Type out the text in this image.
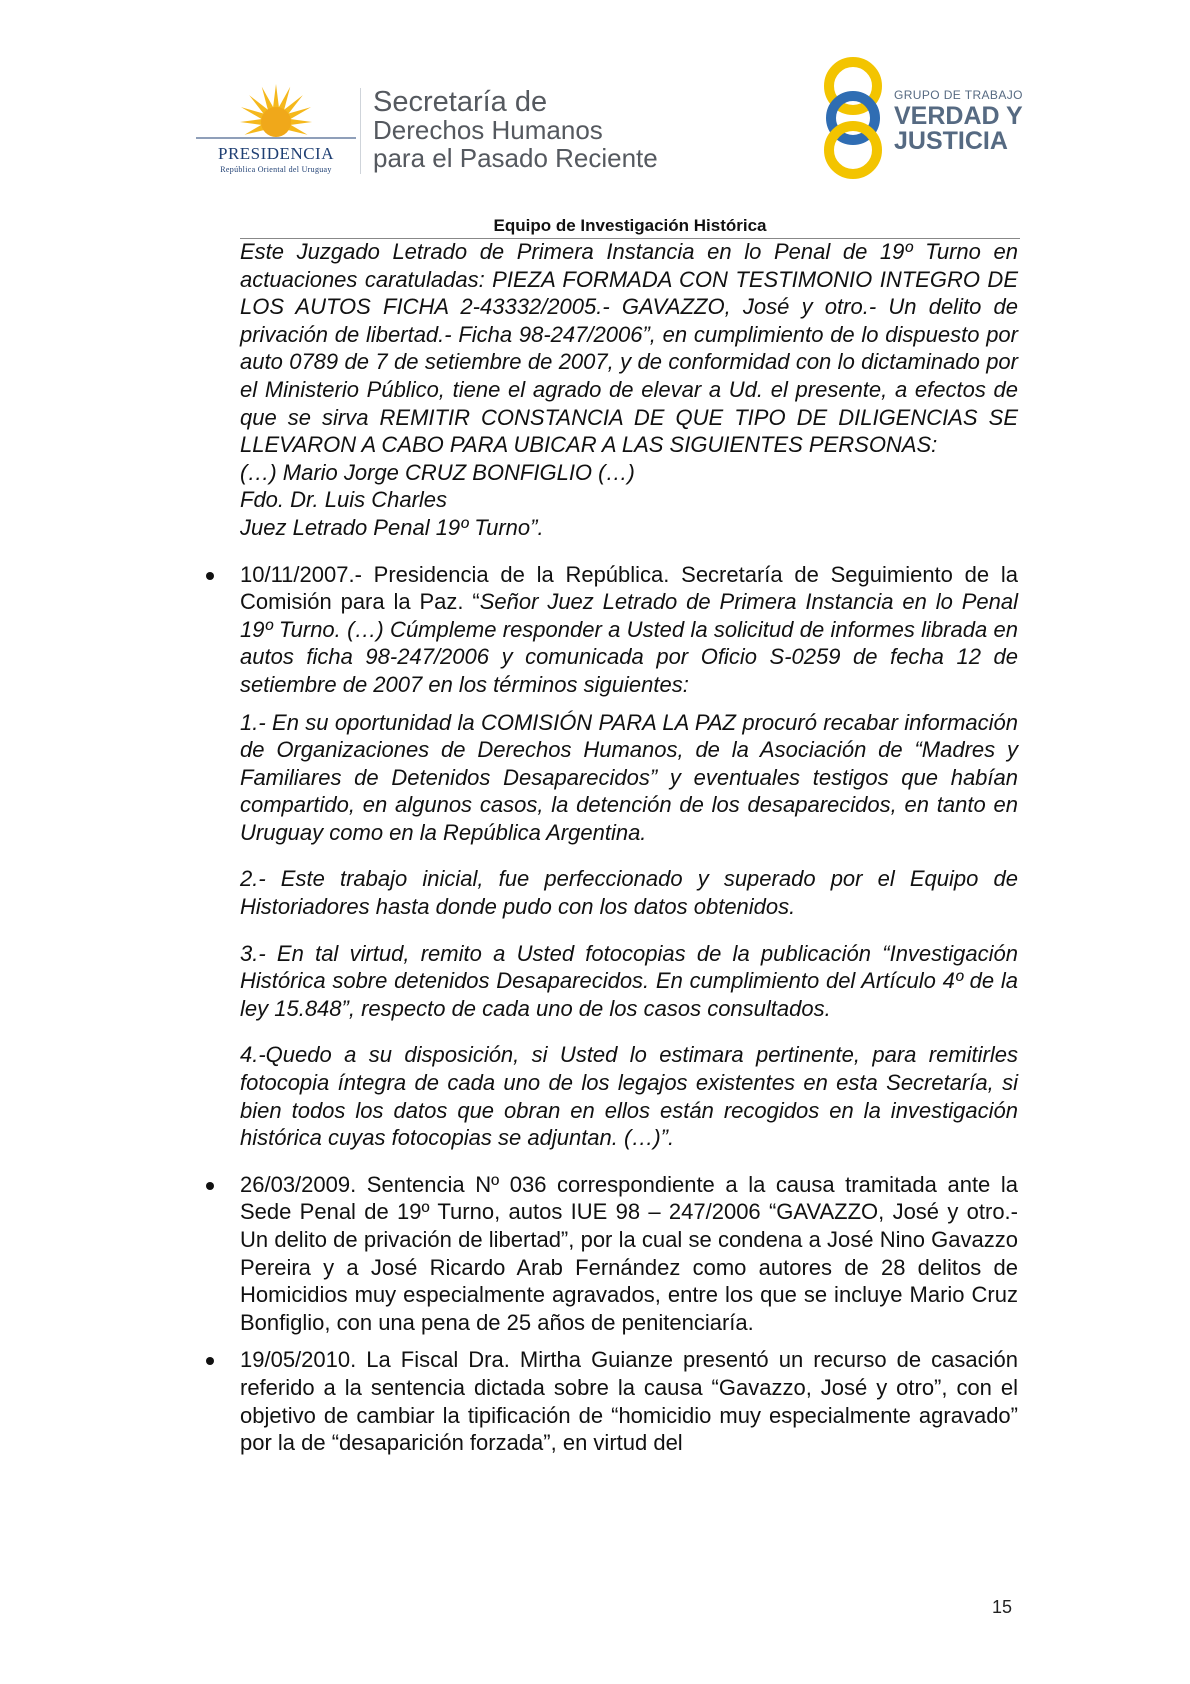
PRESIDENCIA
República Oriental del Uruguay
Secretaría de
Derechos Humanos
para el Pasado Reciente
GRUPO DE TRABAJO
VERDAD Y
JUSTICIA
Equipo de Investigación Histórica

Este Juzgado Letrado de Primera Instancia en lo Penal de 19º Turno en actuaciones caratuladas: PIEZA FORMADA CON TESTIMONIO INTEGRO DE LOS AUTOS FICHA 2-43332/2005.- GAVAZZO, José y otro.- Un delito de privación de libertad.- Ficha 98-247/2006”, en cumplimiento de lo dispuesto por auto 0789 de 7 de setiembre de 2007, y de conformidad con lo dictaminado por el Ministerio Público, tiene el agrado de elevar a Ud. el presente, a efectos de que se sirva REMITIR CONSTANCIA DE QUE TIPO DE DILIGENCIAS SE LLEVARON A CABO PARA UBICAR A LAS SIGUIENTES PERSONAS:

(…) Mario Jorge CRUZ BONFIGLIO (…)

Fdo. Dr. Luis Charles

Juez Letrado Penal 19º Turno”.

10/11/2007.- Presidencia de la República. Secretaría de Seguimiento de la Comisión para la Paz. “Señor Juez Letrado de Primera Instancia en lo Penal 19º Turno. (…) Cúmpleme responder a Usted la solicitud de informes librada en autos ficha 98-247/2006 y comunicada por Oficio S-0259 de fecha 12 de setiembre de 2007 en los términos siguientes:

1.- En su oportunidad la COMISIÓN PARA LA PAZ procuró recabar información de Organizaciones de Derechos Humanos, de la Asociación de “Madres y Familiares de Detenidos Desaparecidos” y eventuales testigos que habían compartido, en algunos casos, la detención de los desaparecidos, en tanto en Uruguay como en la República Argentina.

2.- Este trabajo inicial, fue perfeccionado y superado por el Equipo de Historiadores hasta donde pudo con los datos obtenidos.

3.- En tal virtud, remito a Usted fotocopias de la publicación “Investigación Histórica sobre detenidos Desaparecidos. En cumplimiento del Artículo 4º de la ley 15.848”, respecto de cada uno de los casos consultados.

4.-Quedo a su disposición, si Usted lo estimara pertinente, para remitirles fotocopia íntegra de cada uno de los legajos existentes en esta Secretaría, si bien todos los datos que obran en ellos están recogidos en la investigación histórica cuyas fotocopias se adjuntan. (…)”.

26/03/2009. Sentencia Nº 036 correspondiente a la causa tramitada ante la Sede Penal de 19º Turno, autos IUE 98 – 247/2006 “GAVAZZO, José y otro.- Un delito de privación de libertad”, por la cual se condena a José Nino Gavazzo Pereira y a José Ricardo Arab Fernández como autores de 28 delitos de Homicidios muy especialmente agravados, entre los que se incluye Mario Cruz Bonfiglio, con una pena de 25 años de penitenciaría.

19/05/2010. La Fiscal Dra. Mirtha Guianze presentó un recurso de casación referido a la sentencia dictada sobre la causa “Gavazzo, José y otro”, con el objetivo de cambiar la tipificación de “homicidio muy especialmente agravado” por la de “desaparición forzada”, en virtud del

15
